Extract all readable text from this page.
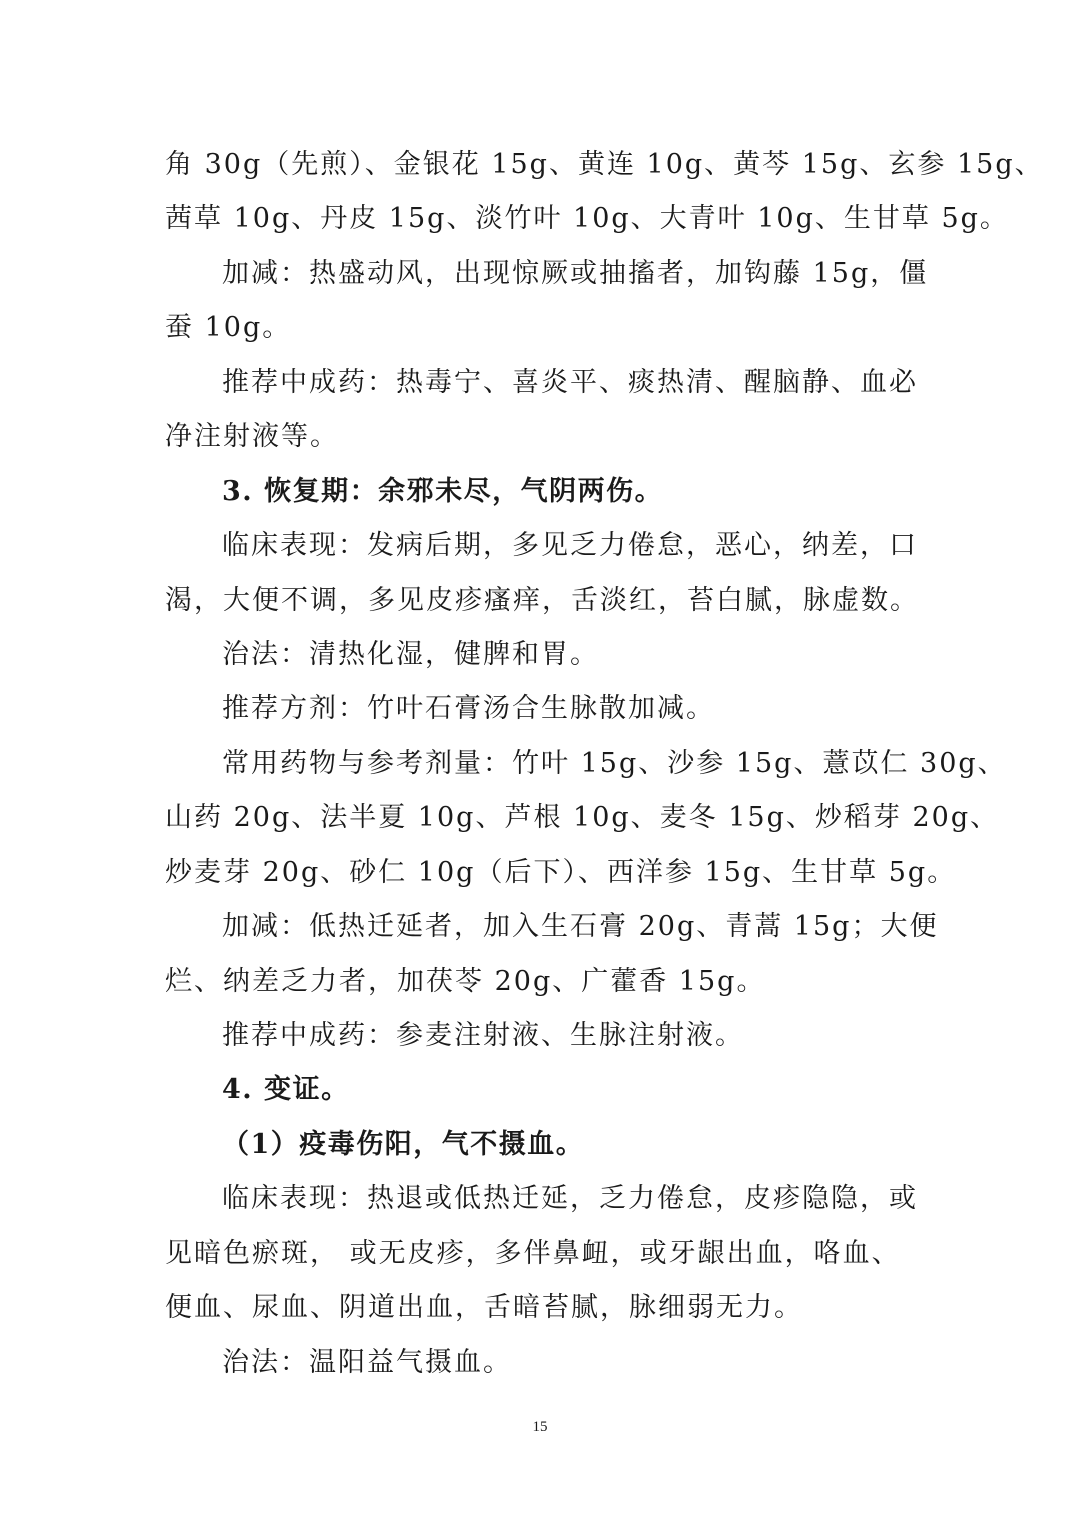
角 30g（先煎）、金银花 15g、黄连 10g、黄芩 15g、玄参 15g、
茜草 10g、丹皮 15g、淡竹叶 10g、大青叶 10g、生甘草 5g。
加减：热盛动风，出现惊厥或抽搐者，加钩藤 15g，僵
蚕 10g。
推荐中成药：热毒宁、喜炎平、痰热清、醒脑静、血必
净注射液等。
3. 恢复期：余邪未尽，气阴两伤。
临床表现：发病后期，多见乏力倦怠，恶心，纳差，口
渴，大便不调，多见皮疹瘙痒，舌淡红，苔白腻，脉虚数。
治法：清热化湿，健脾和胃。
推荐方剂：竹叶石膏汤合生脉散加减。
常用药物与参考剂量：竹叶 15g、沙参 15g、薏苡仁 30g、
山药 20g、法半夏 10g、芦根 10g、麦冬 15g、炒稻芽 20g、
炒麦芽 20g、砂仁 10g（后下）、西洋参 15g、生甘草 5g。
加减：低热迁延者，加入生石膏 20g、青蒿 15g；大便
烂、纳差乏力者，加茯苓 20g、广藿香 15g。
推荐中成药：参麦注射液、生脉注射液。
4. 变证。
（1）疫毒伤阳，气不摄血。
临床表现：热退或低热迁延，乏力倦怠，皮疹隐隐，或
见暗色瘀斑， 或无皮疹，多伴鼻衄，或牙龈出血，咯血、
便血、尿血、阴道出血，舌暗苔腻，脉细弱无力。
治法：温阳益气摄血。
15
